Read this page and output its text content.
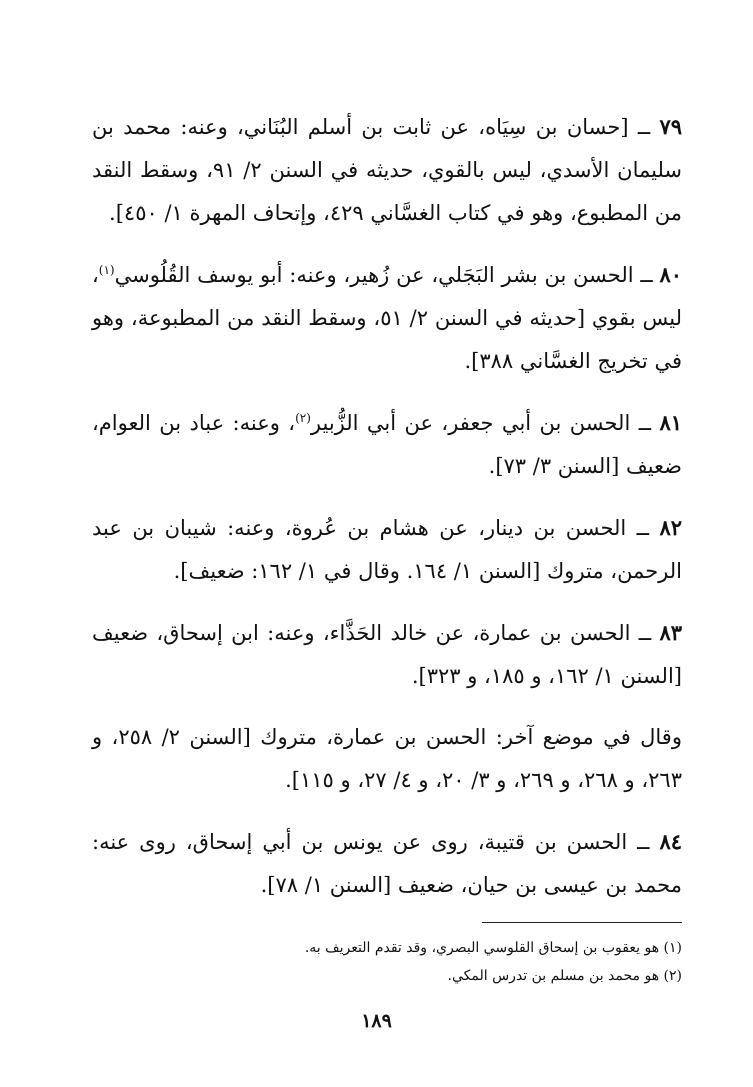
٧٩ ــ [حسان بن سِيَاه، عن ثابت بن أسلم البُنَاني، وعنه: محمد بن سليمان الأسدي، ليس بالقوي، حديثه في السنن ٢/ ٩١، وسقط النقد من المطبوع، وهو في كتاب الغسَّاني ٤٢٩، وإتحاف المهرة ١/ ٤٥٠].

٨٠ ــ الحسن بن بشر البَجَلي، عن زُهير، وعنه: أبو يوسف القُلُوسي$^{(١)}$، ليس بقوي [حديثه في السنن ٢/ ٥١، وسقط النقد من المطبوعة، وهو في تخريج الغسَّاني ٣٨٨].

٨١ ــ الحسن بن أبي جعفر، عن أبي الزُّبير$^{(٢)}$، وعنه: عباد بن العوام، ضعيف [السنن ٣/ ٧٣].

٨٢ ــ الحسن بن دينار، عن هشام بن عُروة، وعنه: شيبان بن عبد الرحمن، متروك [السنن ١/ ١٦٤. وقال في ١/ ١٦٢: ضعيف].

٨٣ ــ الحسن بن عمارة، عن خالد الحَذَّاء، وعنه: ابن إسحاق، ضعيف [السنن ١/ ١٦٢، و ١٨٥، و ٣٢٣].

وقال في موضع آخر: الحسن بن عمارة، متروك [السنن ٢/ ٢٥٨، و ٢٦٣، و ٢٦٨، و ٢٦٩، و ٣/ ٢٠، و ٤/ ٢٧، و ١١٥].

٨٤ ــ الحسن بن قتيبة، روى عن يونس بن أبي إسحاق، روى عنه: محمد بن عيسى بن حيان، ضعيف [السنن ١/ ٧٨].

(١) هو يعقوب بن إسحاق القلوسي البصري، وقد تقدم التعريف به.
(٢) هو محمد بن مسلم بن تدرس المكي.
١٨٩
